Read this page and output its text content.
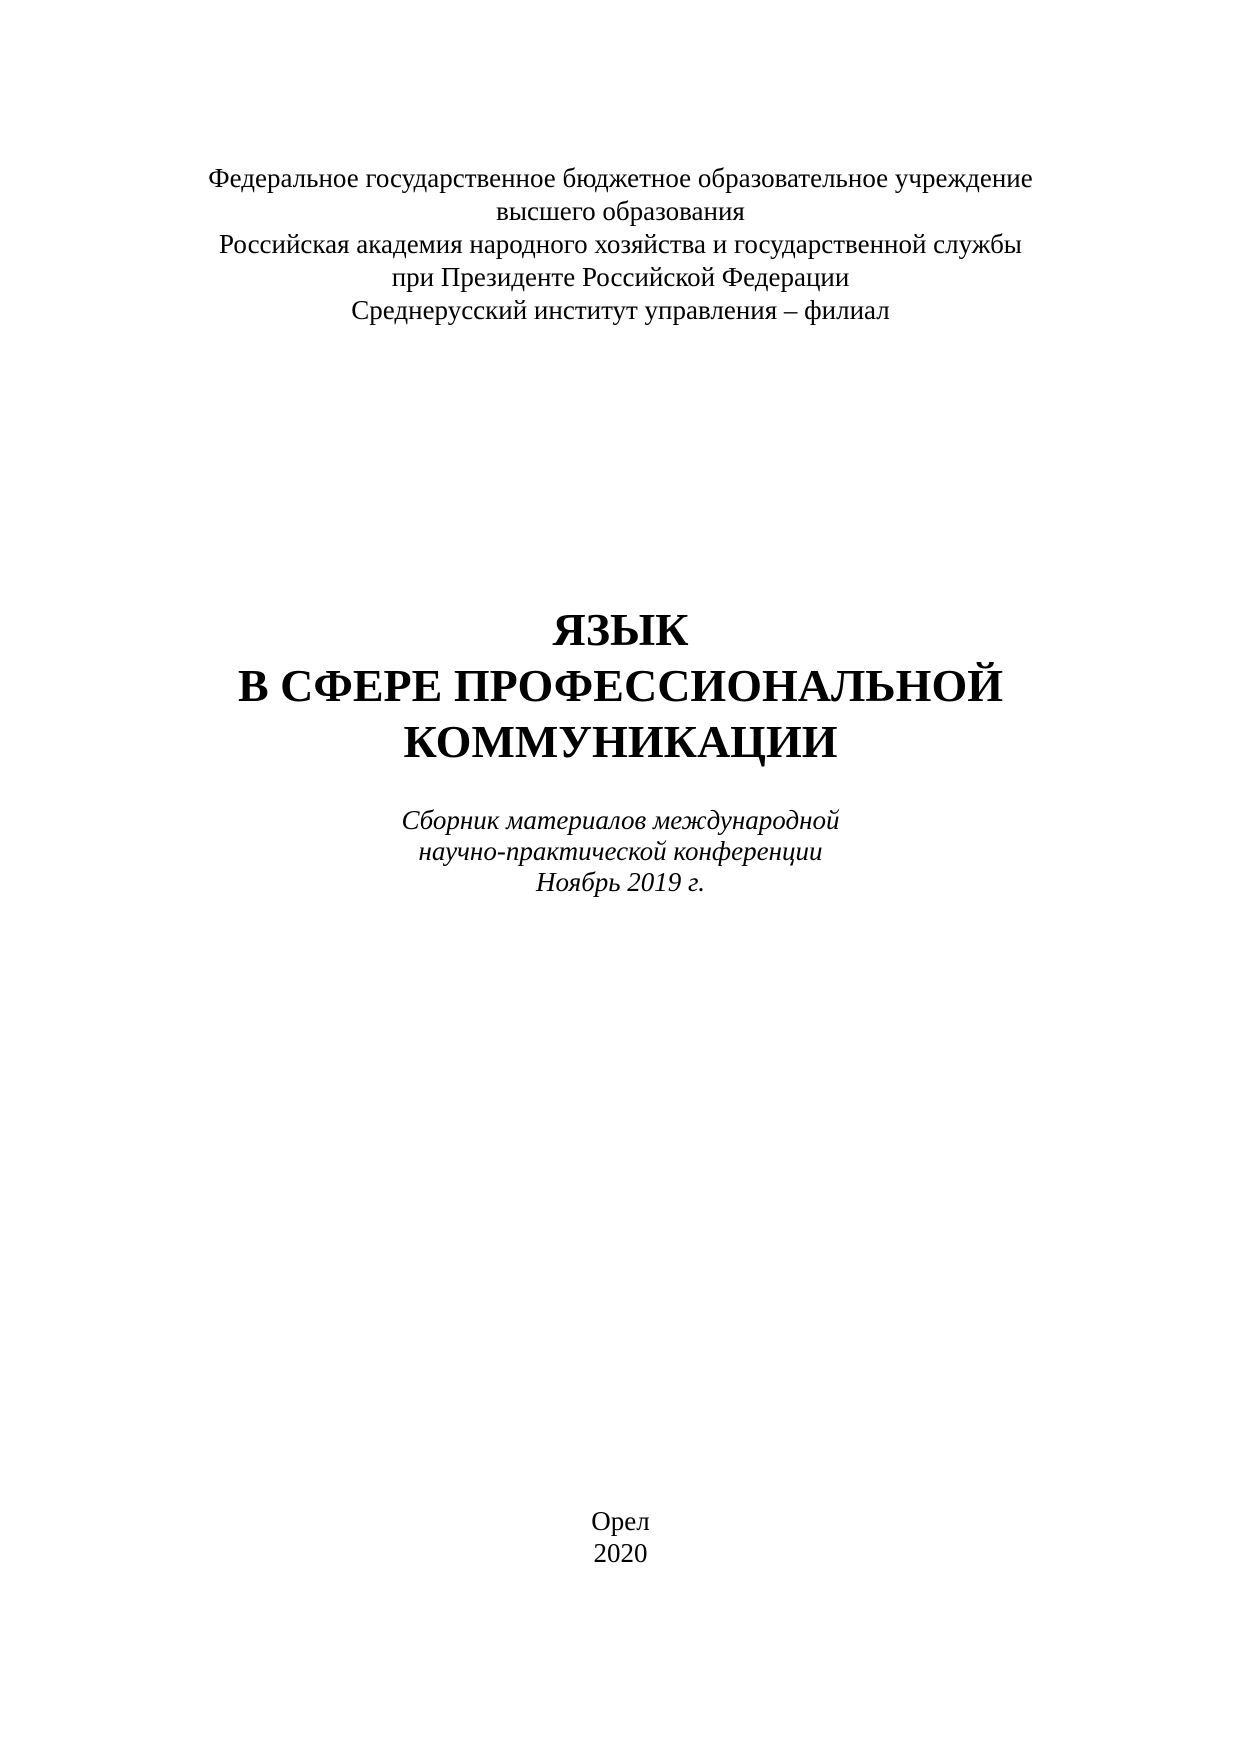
Федеральное государственное бюджетное образовательное учреждение
высшего образования
Российская академия народного хозяйства и государственной службы
при Президенте Российской Федерации
Среднерусский институт управления – филиал
ЯЗЫК
В СФЕРЕ ПРОФЕССИОНАЛЬНОЙ
КОММУНИКАЦИИ
Сборник материалов международной
научно-практической конференции
Ноябрь 2019 г.
Орел
2020
